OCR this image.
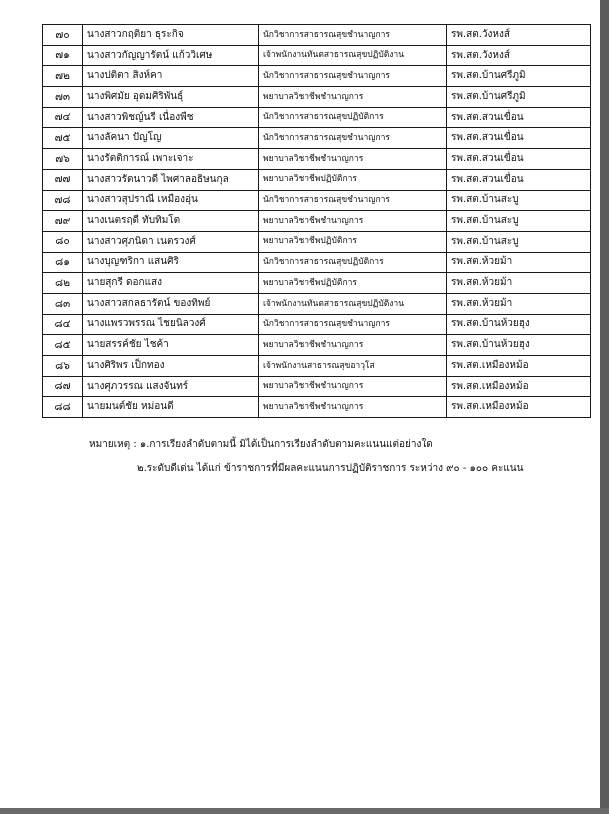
๗๐	นางสาวกฤติยา ธุระกิจ	นักวิชาการสาธารณสุขชำนาญการ	รพ.สต.วังหงส์
๗๑	นางสาวกัญญารัตน์ แก้ววิเศษ	เจ้าพนักงานทันตสาธารณสุขปฏิบัติงาน	รพ.สต.วังหงส์
๗๒	นางปติตา สิงห์คา	นักวิชาการสาธารณสุขชำนาญการ	รพ.สต.บ้านศรีภูมิ
๗๓	นางพิศมัย อุดมศิริพันธุ์	พยาบาลวิชาชีพชำนาญการ	รพ.สต.บ้านศรีภูมิ
๗๔	นางสาวพิชญ์นรี เนื่องพืช	นักวิชาการสาธารณสุขปฏิบัติการ	รพ.สต.สวนเขื่อน
๗๕	นางลัคนา ปัญโญ	นักวิชาการสาธารณสุขชำนาญการ	รพ.สต.สวนเขื่อน
๗๖	นางรัตติการณ์ เพาะเจาะ	พยาบาลวิชาชีพชำนาญการ	รพ.สต.สวนเขื่อน
๗๗	นางสาวรัตนาวดี ไพศาลอธิษนกุล	พยาบาลวิชาชีพปฏิบัติการ	รพ.สต.สวนเขื่อน
๗๘	นางสาวสุปราณี เหมืองอุ่น	นักวิชาการสาธารณสุขชำนาญการ	รพ.สต.บ้านสะบู
๗๙	นางเนตรฤดี ทับทิมโต	พยาบาลวิชาชีพชำนาญการ	รพ.สต.บ้านสะบู
๘๐	นางสาวศุภนิดา เนตรวงศ์	พยาบาลวิชาชีพปฏิบัติการ	รพ.สต.บ้านสะบู
๘๑	นางบุญฑริกา แสนศิริ	นักวิชาการสาธารณสุขปฏิบัติการ	รพ.สต.ห้วยม้า
๘๒	นายสุกรี ดอกแสง	พยาบาลวิชาชีพปฏิบัติการ	รพ.สต.ห้วยม้า
๘๓	นางสาวสกลธารัตน์ ของทิพย์	เจ้าพนักงานทันตสาธารณสุขปฏิบัติงาน	รพ.สต.ห้วยม้า
๘๔	นางแพรวพรรณ ไชยนิลวงศ์	นักวิชาการสาธารณสุขชำนาญการ	รพ.สต.บ้านห้วยฮุง
๘๕	นายสรรค์ชัย ไชค้า	พยาบาลวิชาชีพชำนาญการ	รพ.สต.บ้านห้วยฮุง
๘๖	นางศิริพร เป็กทอง	เจ้าพนักงานสาธารณสุขอาวุโส	รพ.สต.เหมืองหม้อ
๘๗	นางศุภวรรณ แสงจันทร์	พยาบาลวิชาชีพชำนาญการ	รพ.สต.เหมืองหม้อ
๘๘	นายมนต์ชัย หม่อนดี	พยาบาลวิชาชีพชำนาญการ	รพ.สต.เหมืองหม้อ
หมายเหตุ : ๑.การเรียงลำดับตามนี้ มิได้เป็นการเรียงลำดับตามคะแนนแต่อย่างใด
๒.ระดับดีเด่น ได้แก่ ข้าราชการที่มีผลคะแนนการปฏิบัติราชการ ระหว่าง ๙๐ - ๑๐๐ คะแนน
